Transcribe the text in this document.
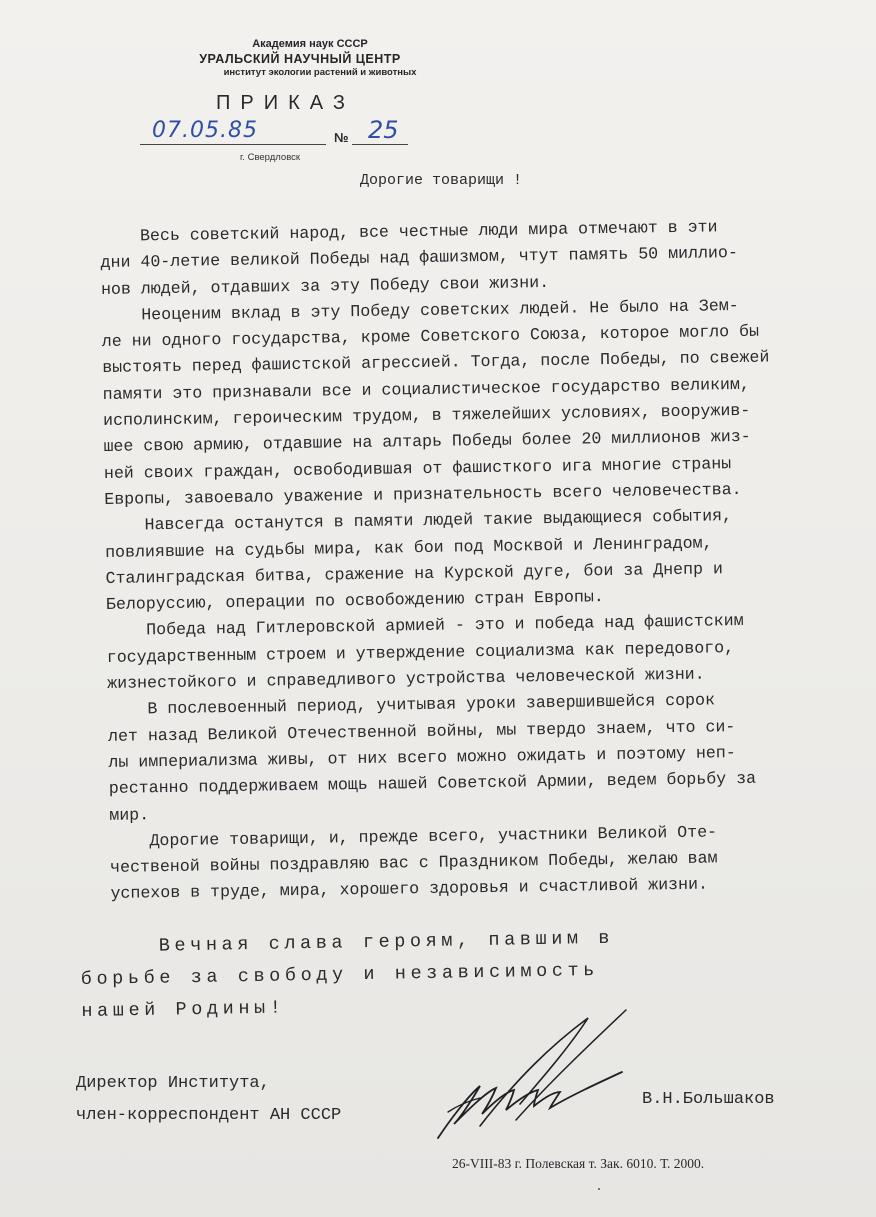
Академия наук СССР
УРАЛЬСКИЙ НАУЧНЫЙ ЦЕНТР
институт экологии растений и животных
ПРИКАЗ
07.05.85	№ 25
г. Свердловск
Дорогие товарищи !
Весь советский народ, все честные люди мира отмечают в эти
дни 40-летие великой Победы над фашизмом, чтут память 50 миллио-
нов людей, отдавших за эту Победу свои жизни.
Неоценим вклад в эту Победу советских людей. Не было на Зем-
ле ни одного государства, кроме Советского Союза, которое могло бы
выстоять перед фашистской агрессией. Тогда, после Победы, по свежей
памяти это признавали все и социалистическое государство великим,
исполинским, героическим трудом, в тяжелейших условиях, вооружив-
шее свою армию, отдавшие на алтарь Победы более 20 миллионов жиз-
ней своих граждан, освободившая от фашисткого ига многие страны
Европы, завоевало уважение и признательность всего человечества.
Навсегда останутся в памяти людей такие выдающиеся события,
повлиявшие на судьбы мира, как бои под Москвой и Ленинградом,
Сталинградская битва, сражение на Курской дуге, бои за Днепр и
Белоруссию, операции по освобождению стран Европы.
Победа над Гитлеровской армией - это и победа над фашистским
государственным строем и утверждение социализма как передового,
жизнестойкого и справедливого устройства человеческой жизни.
В послевоенный период, учитывая уроки завершившейся сорок
лет назад Великой Отечественной войны, мы твердо знаем, что си-
лы империализма живы, от них всего можно ожидать и поэтому неп-
рестанно поддерживаем мощь нашей Советской Армии, ведем борьбу за
мир.
Дорогие товарищи, и, прежде всего, участники Великой Оте-
чественой войны поздравляю вас с Праздником Победы, желаю вам
успехов в труде, мира, хорошего здоровья и счастливой жизни.
Вечная слава героям, павшим в
борьбе за свободу и независимость
нашей Родины!
Директор Института,
член-корреспондент АН СССР
В.Н.Большаков
26-VIII-83 г. Полевская т. Зак. 6010. Т. 2000.
